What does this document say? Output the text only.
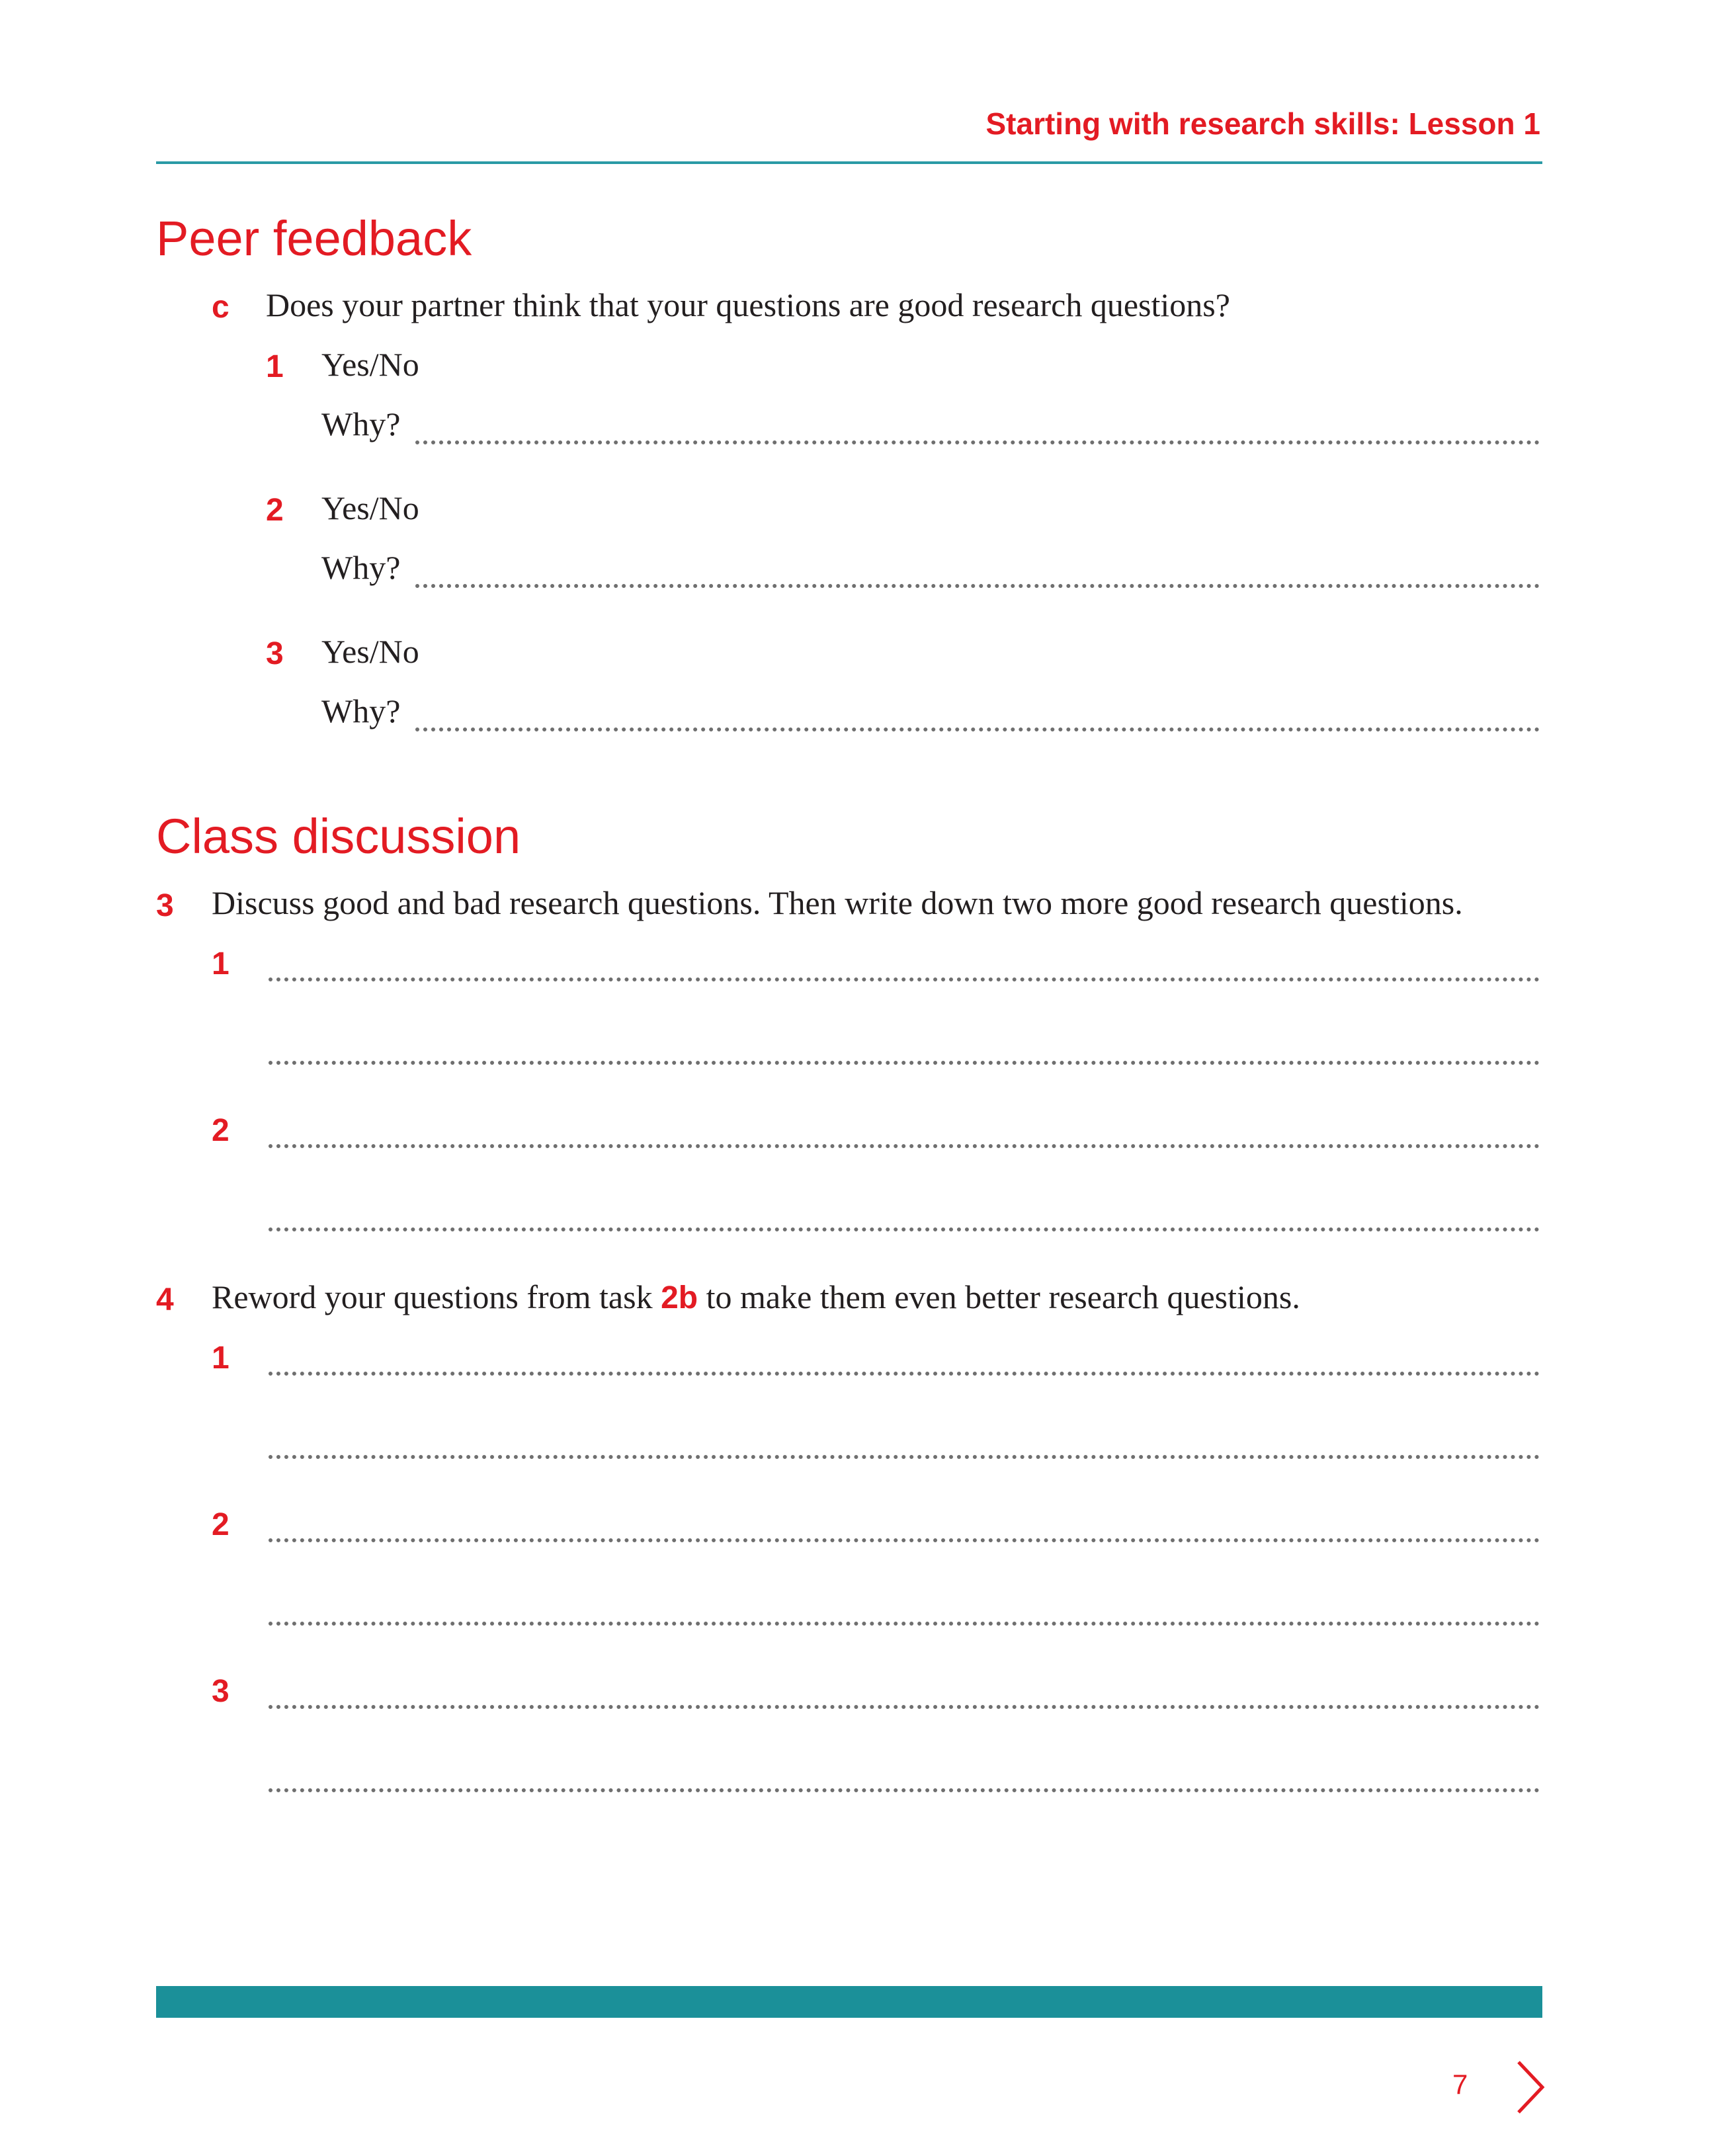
Starting with research skills: Lesson 1
Peer feedback
c Does your partner think that your questions are good research questions?
1 Yes/No
Why?
2 Yes/No
Why?
3 Yes/No
Why?
Class discussion
3 Discuss good and bad research questions. Then write down two more good research questions.
1
2
4 Reword your questions from task 2b to make them even better research questions.
1
2
3
7
